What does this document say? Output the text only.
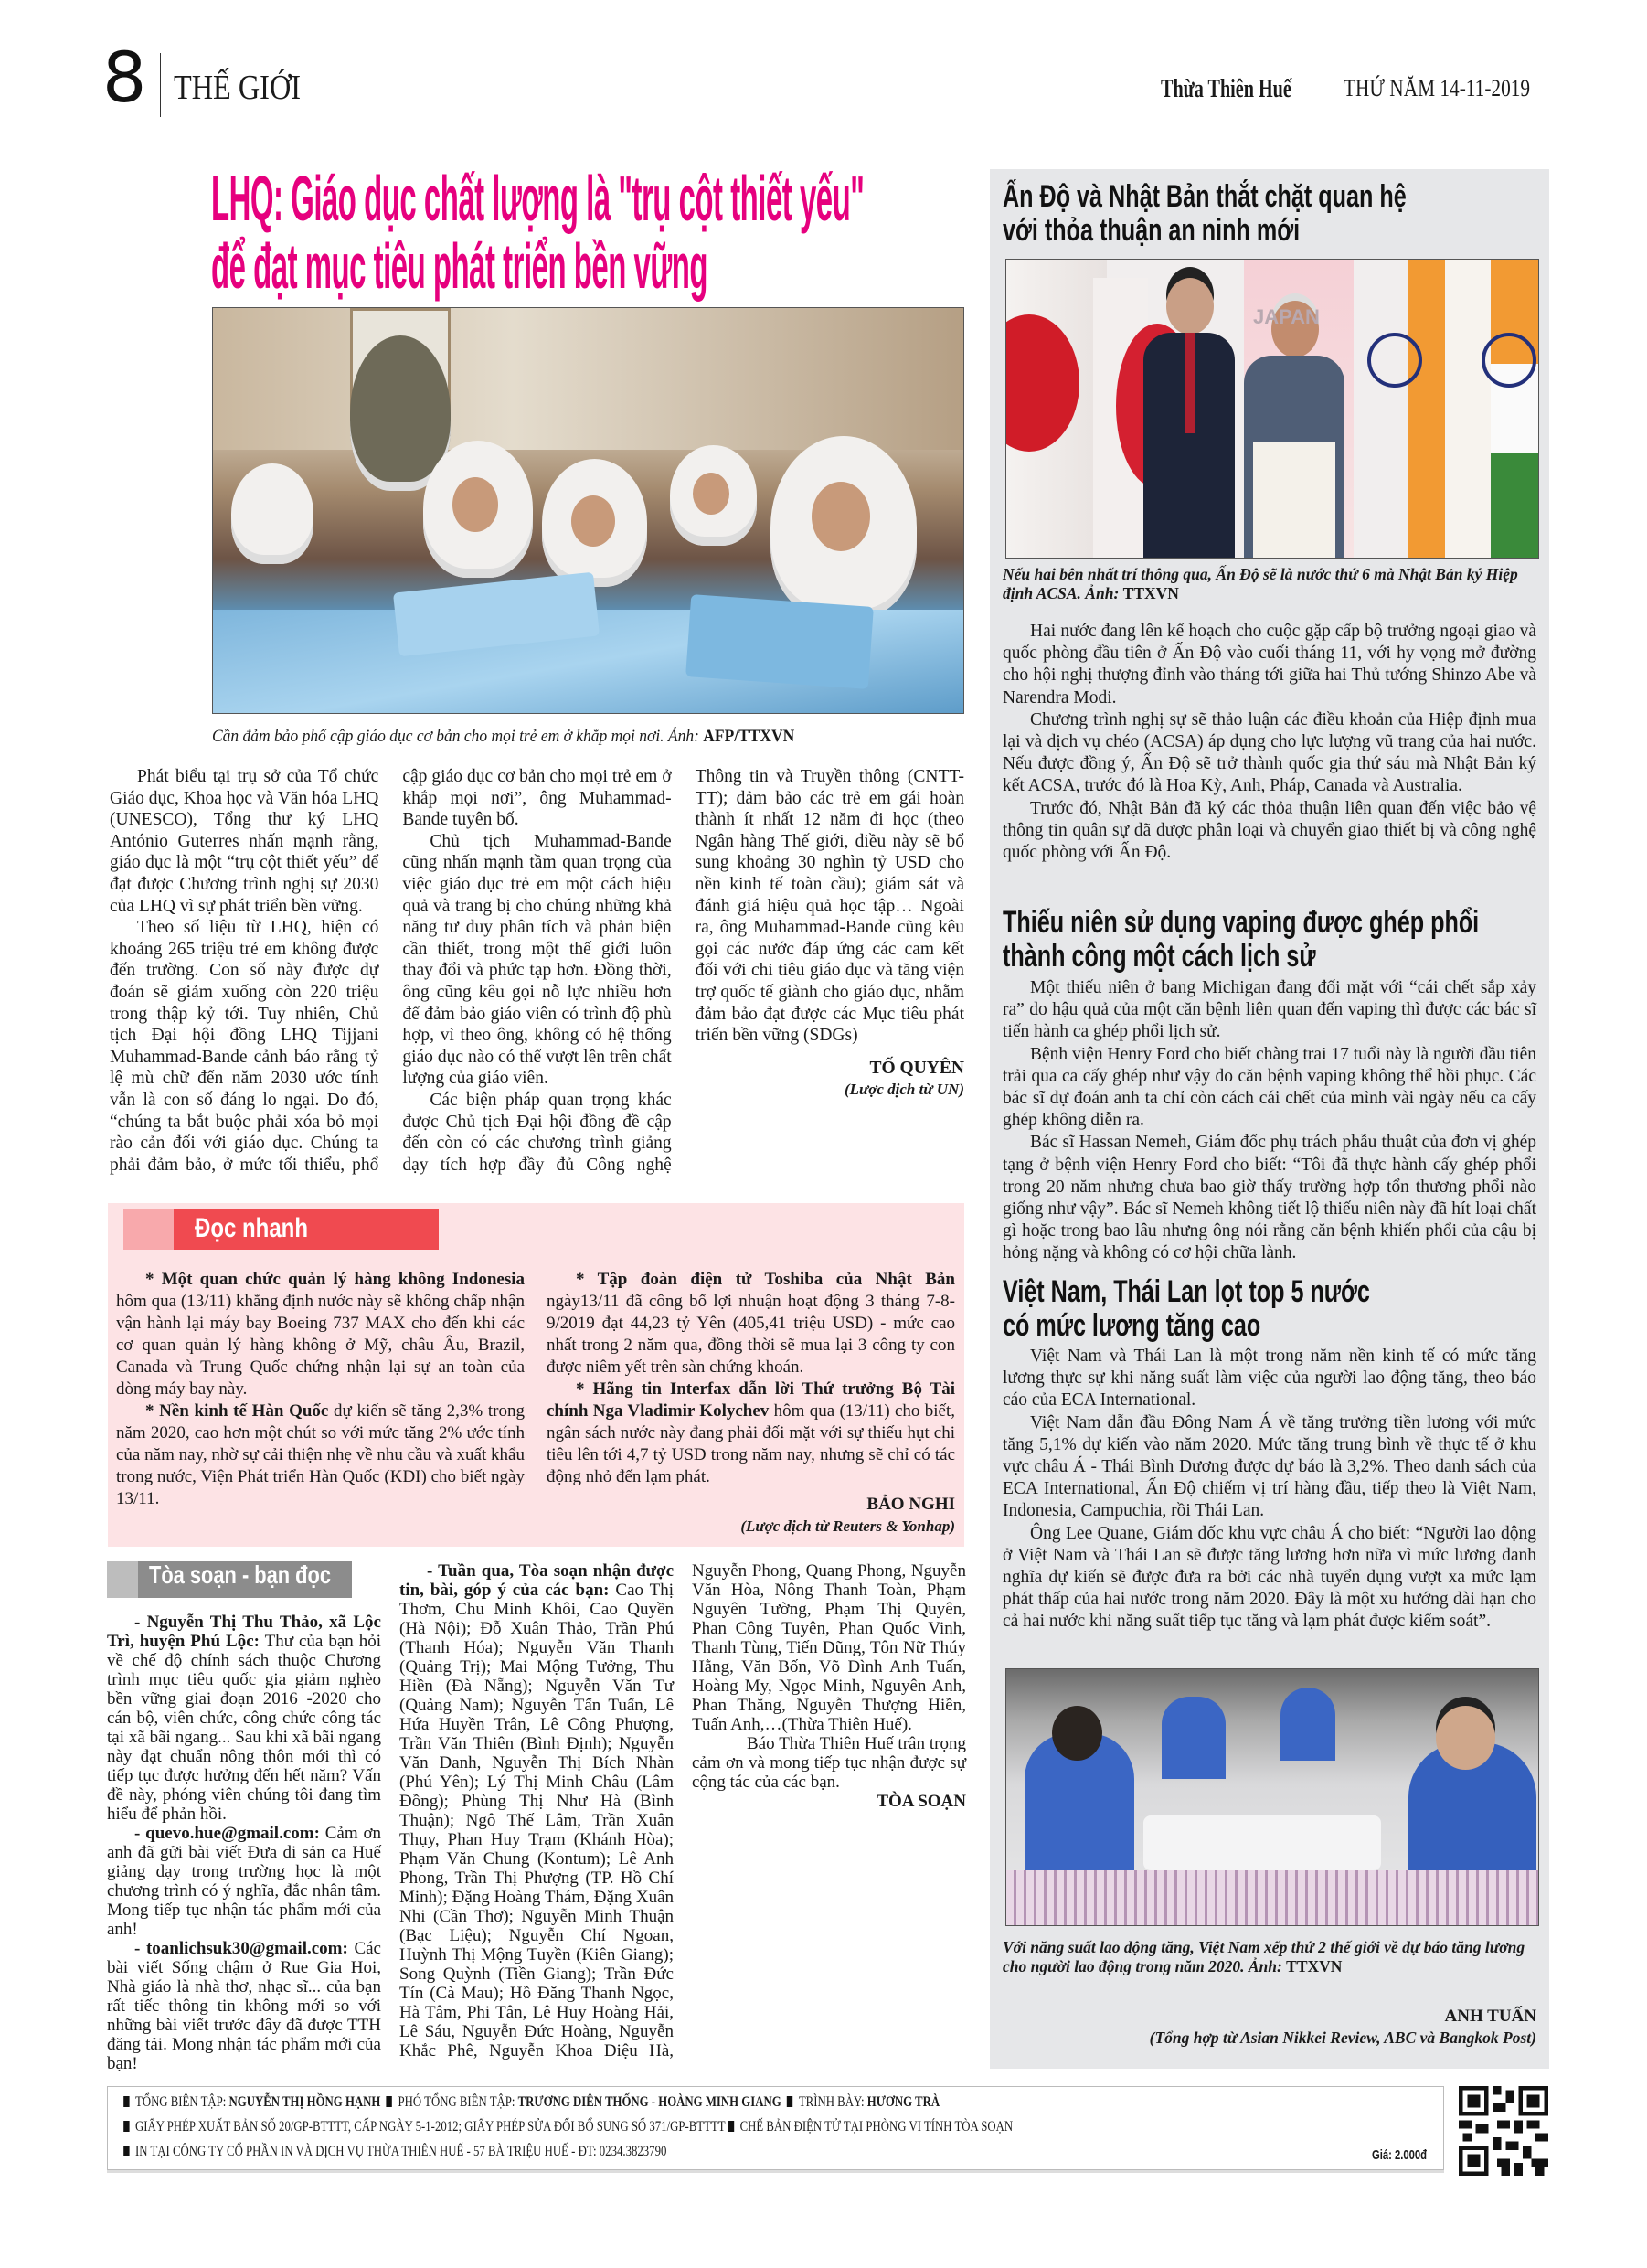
8 THẾ GIỚI	Thừa Thiên Huế THỨ NĂM 14-11-2019
LHQ: Giáo dục chất lượng là "trụ cột thiết yếu"
để đạt mục tiêu phát triển bền vững
Cần đảm bảo phổ cập giáo dục cơ bản cho mọi trẻ em ở khắp mọi nơi. Ảnh: AFP/TTXVN

Phát biểu tại trụ sở của Tổ chức Giáo dục, Khoa học và Văn hóa LHQ (UNESCO), Tổng thư ký LHQ António Guterres nhấn mạnh rằng, giáo dục là một “trụ cột thiết yếu” để đạt được Chương trình nghị sự 2030 của LHQ vì sự phát triển bền vững.

Theo số liệu từ LHQ, hiện có khoảng 265 triệu trẻ em không được đến trường. Con số này được dự đoán sẽ giảm xuống còn 220 triệu trong thập kỷ tới. Tuy nhiên, Chủ tịch Đại hội đồng LHQ Tijjani Muhammad-Bande cảnh báo rằng tỷ lệ mù chữ đến năm 2030 ước tính vẫn là con số đáng lo ngại. Do đó, “chúng ta bắt buộc phải xóa bỏ mọi rào cản đối với giáo dục. Chúng ta phải đảm bảo, ở mức tối thiểu, phổ cập giáo dục cơ bản cho mọi trẻ em ở khắp mọi nơi”, ông Muhammad-Bande tuyên bố.

Chủ tịch Muhammad-Bande cũng nhấn mạnh tầm quan trọng của việc giáo dục trẻ em một cách hiệu quả và trang bị cho chúng những khả năng tư duy phân tích và phản biện cần thiết, trong một thế giới luôn thay đổi và phức tạp hơn. Đồng thời, ông cũng kêu gọi nỗ lực nhiều hơn để đảm bảo giáo viên có trình độ phù hợp, vì theo ông, không có hệ thống giáo dục nào có thể vượt lên trên chất lượng của giáo viên.

Các biện pháp quan trọng khác được Chủ tịch Đại hội đồng đề cập đến còn có các chương trình giảng dạy tích hợp đầy đủ Công nghệ Thông tin và Truyền thông (CNTT-TT); đảm bảo các trẻ em gái hoàn thành ít nhất 12 năm đi học (theo Ngân hàng Thế giới, điều này sẽ bổ sung khoảng 30 nghìn tỷ USD cho nền kinh tế toàn cầu); giám sát và đánh giá hiệu quả học tập… Ngoài ra, ông Muhammad-Bande cũng kêu gọi các nước đáp ứng các cam kết đối với chi tiêu giáo dục và tăng viện trợ quốc tế giành cho giáo dục, nhằm đảm bảo đạt được các Mục tiêu phát triển bền vững (SDGs)

TỐ QUYÊN

(Lược dịch từ UN)

Đọc nhanh

* Một quan chức quản lý hàng không Indonesia hôm qua (13/11) khẳng định nước này sẽ không chấp nhận vận hành lại máy bay Boeing 737 MAX cho đến khi các cơ quan quản lý hàng không ở Mỹ, châu Âu, Brazil, Canada và Trung Quốc chứng nhận lại sự an toàn của dòng máy bay này.

* Nền kinh tế Hàn Quốc dự kiến sẽ tăng 2,3% trong năm 2020, cao hơn một chút so với mức tăng 2% ước tính của năm nay, nhờ sự cải thiện nhẹ về nhu cầu và xuất khẩu trong nước, Viện Phát triển Hàn Quốc (KDI) cho biết ngày 13/11.

* Tập đoàn điện tử Toshiba của Nhật Bản ngày13/11 đã công bố lợi nhuận hoạt động 3 tháng 7-8-9/2019 đạt 44,23 tỷ Yên (405,41 triệu USD) - mức cao nhất trong 2 năm qua, đồng thời sẽ mua lại 3 công ty con được niêm yết trên sàn chứng khoán.

* Hãng tin Interfax dẫn lời Thứ trưởng Bộ Tài chính Nga Vladimir Kolychev hôm qua (13/11) cho biết, ngân sách nước này đang phải đối mặt với sự thiếu hụt chi tiêu lên tới 4,7 tỷ USD trong năm nay, nhưng sẽ chỉ có tác động nhỏ đến lạm phát.

BẢO NGHI

(Lược dịch từ Reuters & Yonhap)

Tòa soạn - bạn đọc

- Nguyễn Thị Thu Thảo, xã Lộc Trì, huyện Phú Lộc: Thư của bạn hỏi về chế độ chính sách thuộc Chương trình mục tiêu quốc gia giảm nghèo bền vững giai đoạn 2016 -2020 cho cán bộ, viên chức, công chức công tác tại xã bãi ngang... Sau khi xã bãi ngang này đạt chuẩn nông thôn mới thì có tiếp tục được hưởng đến hết năm? Vấn đề này, phóng viên chúng tôi đang tìm hiểu để phản hồi.

- quevo.hue@gmail.com: Cảm ơn anh đã gửi bài viết Đưa di sản ca Huế giảng dạy trong trường học là một chương trình có ý nghĩa, đắc nhân tâm. Mong tiếp tục nhận tác phẩm mới của anh!

- toanlichsuk30@gmail.com: Các bài viết Sống chậm ở Rue Gia Hoi, Nhà giáo là nhà thơ, nhạc sĩ... của bạn rất tiếc thông tin không mới so với những bài viết trước đây đã được TTH đăng tải. Mong nhận tác phẩm mới của bạn!

- Tuần qua, Tòa soạn nhận được tin, bài, góp ý của các bạn: Cao Thị Thơm, Chu Minh Khôi, Cao Quyền (Hà Nội); Đỗ Xuân Thảo, Trần Phú (Thanh Hóa); Nguyễn Văn Thanh (Quảng Trị); Mai Mộng Tưởng, Thu Hiền (Đà Nẵng); Nguyễn Văn Tư (Quảng Nam); Nguyễn Tấn Tuấn, Lê Hứa Huyền Trân, Lê Công Phượng, Trần Văn Thiên (Bình Định); Nguyễn Văn Danh, Nguyễn Thị Bích Nhàn (Phú Yên); Lý Thị Minh Châu (Lâm Đồng); Phùng Thị Như Hà (Bình Thuận); Ngô Thế Lâm, Trần Xuân Thụy, Phan Huy Trạm (Khánh Hòa); Phạm Văn Chung (Kontum); Lê Anh Phong, Trần Thị Phượng (TP. Hồ Chí Minh); Đặng Hoàng Thám, Đặng Xuân Nhi (Cần Thơ); Nguyễn Minh Thuận (Bạc Liệu); Nguyễn Chí Ngoan, Huỳnh Thị Mộng Tuyền (Kiên Giang); Song Quỳnh (Tiền Giang); Trần Đức Tín (Cà Mau); Hồ Đăng Thanh Ngọc, Hà Tâm, Phi Tân, Lê Huy Hoàng Hải, Lê Sáu, Nguyễn Đức Hoàng, Nguyễn Khắc Phê, Nguyễn Khoa Diệu Hà, Nguyễn Phong, Quang Phong, Nguyễn Văn Hòa, Nông Thanh Toàn, Phạm Nguyên Tường, Phạm Thị Quyên, Phan Công Tuyên, Phan Quốc Vinh, Thanh Tùng, Tiến Dũng, Tôn Nữ Thúy Hằng, Văn Bốn, Võ Đình Anh Tuấn, Hoàng My, Ngọc Minh, Nguyên Anh, Phan Thắng, Nguyễn Thượng Hiền, Tuấn Anh,…(Thừa Thiên Huế).

Báo Thừa Thiên Huế trân trọng cảm ơn và mong tiếp tục nhận được sự cộng tác của các bạn.

TÒA SOẠN

Ấn Độ và Nhật Bản thắt chặt quan hệ
với thỏa thuận an ninh mới
JAPAN
Nếu hai bên nhất trí thông qua, Ấn Độ sẽ là nước thứ 6 mà Nhật Bản ký Hiệp định ACSA. Ảnh: TTXVN

Hai nước đang lên kế hoạch cho cuộc gặp cấp bộ trưởng ngoại giao và quốc phòng đầu tiên ở Ấn Độ vào cuối tháng 11, với hy vọng mở đường cho hội nghị thượng đỉnh vào tháng tới giữa hai Thủ tướng Shinzo Abe và Narendra Modi.

Chương trình nghị sự sẽ thảo luận các điều khoản của Hiệp định mua lại và dịch vụ chéo (ACSA) áp dụng cho lực lượng vũ trang của hai nước. Nếu được đồng ý, Ấn Độ sẽ trở thành quốc gia thứ sáu mà Nhật Bản ký kết ACSA, trước đó là Hoa Kỳ, Anh, Pháp, Canada và Australia.

Trước đó, Nhật Bản đã ký các thỏa thuận liên quan đến việc bảo vệ thông tin quân sự đã được phân loại và chuyển giao thiết bị và công nghệ quốc phòng với Ấn Độ.

Thiếu niên sử dụng vaping được ghép phổi
thành công một cách lịch sử

Một thiếu niên ở bang Michigan đang đối mặt với “cái chết sắp xảy ra” do hậu quả của một căn bệnh liên quan đến vaping thì được các bác sĩ tiến hành ca ghép phổi lịch sử.

Bệnh viện Henry Ford cho biết chàng trai 17 tuổi này là người đầu tiên trải qua ca cấy ghép như vậy do căn bệnh vaping không thể hồi phục. Các bác sĩ dự đoán anh ta chỉ còn cách cái chết của mình vài ngày nếu ca cấy ghép không diễn ra.

Bác sĩ Hassan Nemeh, Giám đốc phụ trách phẫu thuật của đơn vị ghép tạng ở bệnh viện Henry Ford cho biết: “Tôi đã thực hành cấy ghép phổi trong 20 năm nhưng chưa bao giờ thấy trường hợp tổn thương phổi nào giống như vậy”. Bác sĩ Nemeh không tiết lộ thiếu niên này đã hít loại chất gì hoặc trong bao lâu nhưng ông nói rằng căn bệnh khiến phổi của cậu bị hỏng nặng và không có cơ hội chữa lành.

Việt Nam, Thái Lan lọt top 5 nước
có mức lương tăng cao

Việt Nam và Thái Lan là một trong năm nền kinh tế có mức tăng lương thực sự khi năng suất làm việc của người lao động tăng, theo báo cáo của ECA International.

Việt Nam dẫn đầu Đông Nam Á về tăng trưởng tiền lương với mức tăng 5,1% dự kiến vào năm 2020. Mức tăng trung bình về thực tế ở khu vực châu Á - Thái Bình Dương được dự báo là 3,2%. Theo danh sách của ECA International, Ấn Độ chiếm vị trí hàng đầu, tiếp theo là Việt Nam, Indonesia, Campuchia, rồi Thái Lan.

Ông Lee Quane, Giám đốc khu vực châu Á cho biết: “Người lao động ở Việt Nam và Thái Lan sẽ được tăng lương hơn nữa vì mức lương danh nghĩa dự kiến sẽ được đưa ra bởi các nhà tuyển dụng vượt xa mức lạm phát thấp của hai nước trong năm 2020. Đây là một xu hướng dài hạn cho cả hai nước khi năng suất tiếp tục tăng và lạm phát được kiểm soát”.

Với năng suất lao động tăng, Việt Nam xếp thứ 2 thế giới về dự báo tăng lương cho người lao động trong năm 2020. Ảnh: TTXVN
ANH TUẤN
(Tổng hợp từ Asian Nikkei Review, ABC và Bangkok Post)
TỔNG BIÊN TẬP: NGUYỄN THỊ HỒNG HẠNH PHÓ TỔNG BIÊN TẬP: TRƯƠNG DIÊN THỐNG - HOÀNG MINH GIANG TRÌNH BÀY: HƯƠNG TRÀ
GIẤY PHÉP XUẤT BẢN SỐ 20/GP-BTTTT, CẤP NGÀY 5-1-2012; GIẤY PHÉP SỬA ĐỔI BỔ SUNG SỐ 371/GP-BTTTT CHẾ BẢN ĐIỆN TỬ TẠI PHÒNG VI TÍNH TÒA SOẠN
IN TẠI CÔNG TY CỔ PHẦN IN VÀ DỊCH VỤ THỪA THIÊN HUẾ - 57 BÀ TRIỆU HUẾ - ĐT: 0234.3823790	Giá: 2.000đ
